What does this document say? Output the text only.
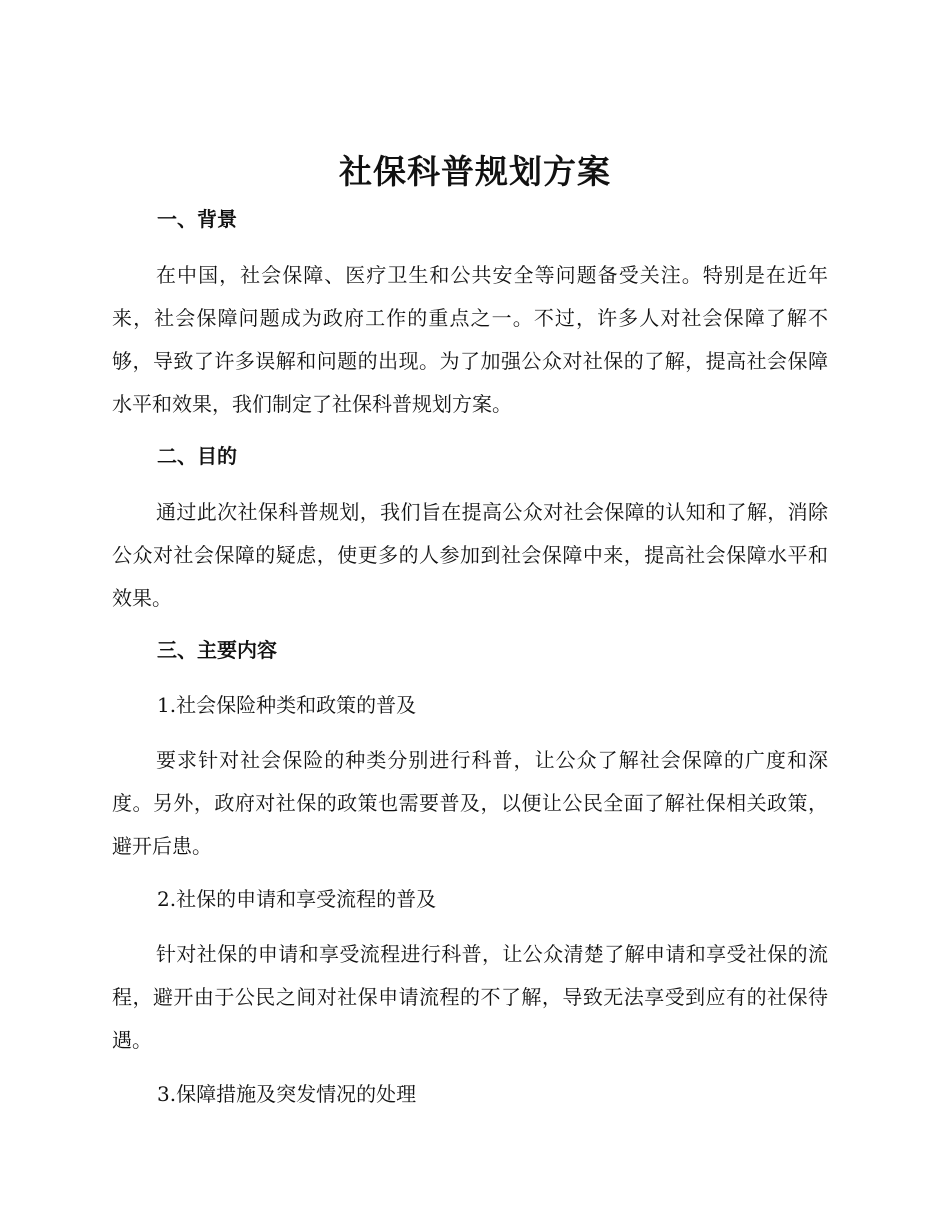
社保科普规划方案
一、背景
在中国，社会保障、医疗卫生和公共安全等问题备受关注。特别是在近年来，社会保障问题成为政府工作的重点之一。不过，许多人对社会保障了解不够，导致了许多误解和问题的出现。为了加强公众对社保的了解，提高社会保障水平和效果，我们制定了社保科普规划方案。
二、目的
通过此次社保科普规划，我们旨在提高公众对社会保障的认知和了解，消除公众对社会保障的疑虑，使更多的人参加到社会保障中来，提高社会保障水平和效果。
三、主要内容
1.社会保险种类和政策的普及
要求针对社会保险的种类分别进行科普，让公众了解社会保障的广度和深度。另外，政府对社保的政策也需要普及，以便让公民全面了解社保相关政策，避开后患。
2.社保的申请和享受流程的普及
针对社保的申请和享受流程进行科普，让公众清楚了解申请和享受社保的流程，避开由于公民之间对社保申请流程的不了解，导致无法享受到应有的社保待遇。
3.保障措施及突发情况的处理
